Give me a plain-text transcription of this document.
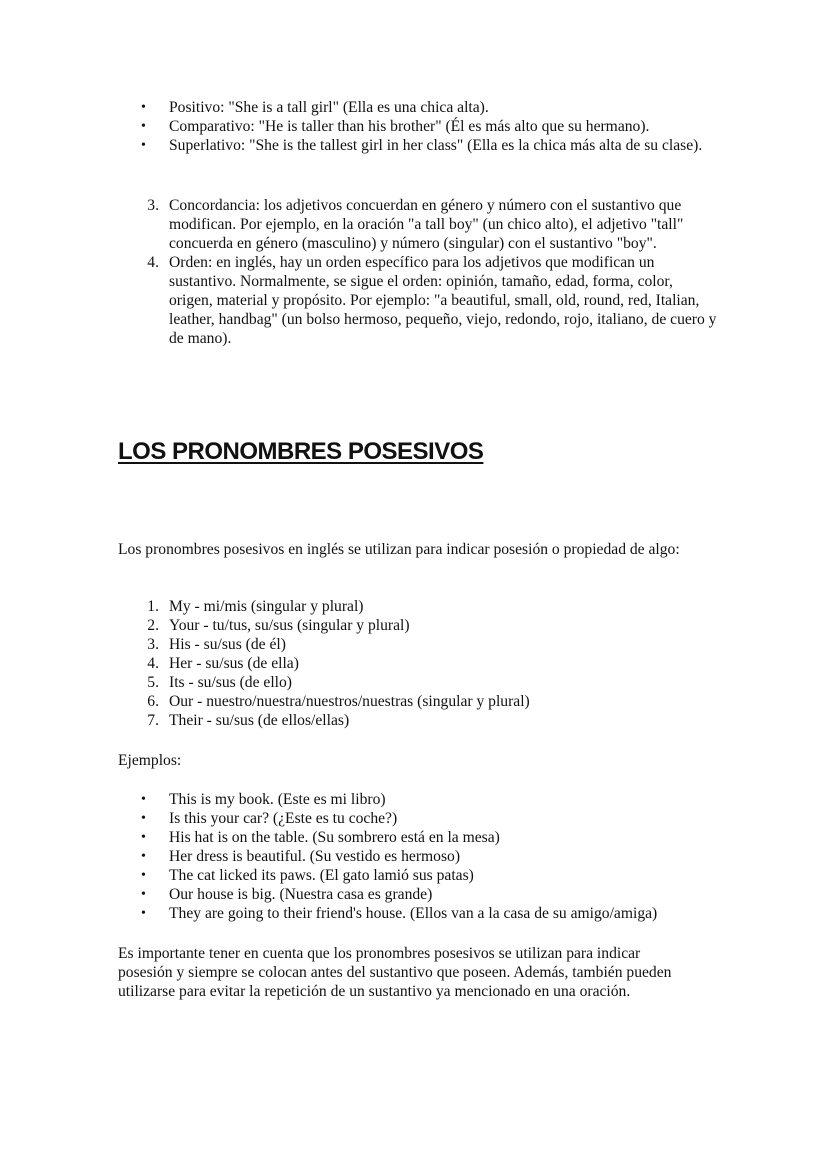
• Positivo: "She is a tall girl" (Ella es una chica alta).
• Comparativo: "He is taller than his brother" (Él es más alto que su hermano).
• Superlativo: "She is the tallest girl in her class" (Ella es la chica más alta de su clase).
3. Concordancia: los adjetivos concuerdan en género y número con el sustantivo que modifican. Por ejemplo, en la oración "a tall boy" (un chico alto), el adjetivo "tall" concuerda en género (masculino) y número (singular) con el sustantivo "boy".
4. Orden: en inglés, hay un orden específico para los adjetivos que modifican un sustantivo. Normalmente, se sigue el orden: opinión, tamaño, edad, forma, color, origen, material y propósito. Por ejemplo: "a beautiful, small, old, round, red, Italian, leather, handbag" (un bolso hermoso, pequeño, viejo, redondo, rojo, italiano, de cuero y de mano).
LOS PRONOMBRES POSESIVOS

Los pronombres posesivos en inglés se utilizan para indicar posesión o propiedad de algo:

1. My - mi/mis (singular y plural)
2. Your - tu/tus, su/sus (singular y plural)
3. His - su/sus (de él)
4. Her - su/sus (de ella)
5. Its - su/sus (de ello)
6. Our - nuestro/nuestra/nuestros/nuestras (singular y plural)
7. Their - su/sus (de ellos/ellas)

Ejemplos:

• This is my book. (Este es mi libro)
• Is this your car? (¿Este es tu coche?)
• His hat is on the table. (Su sombrero está en la mesa)
• Her dress is beautiful. (Su vestido es hermoso)
• The cat licked its paws. (El gato lamió sus patas)
• Our house is big. (Nuestra casa es grande)
• They are going to their friend's house. (Ellos van a la casa de su amigo/amiga)

Es importante tener en cuenta que los pronombres posesivos se utilizan para indicar posesión y siempre se colocan antes del sustantivo que poseen. Además, también pueden utilizarse para evitar la repetición de un sustantivo ya mencionado en una oración.
